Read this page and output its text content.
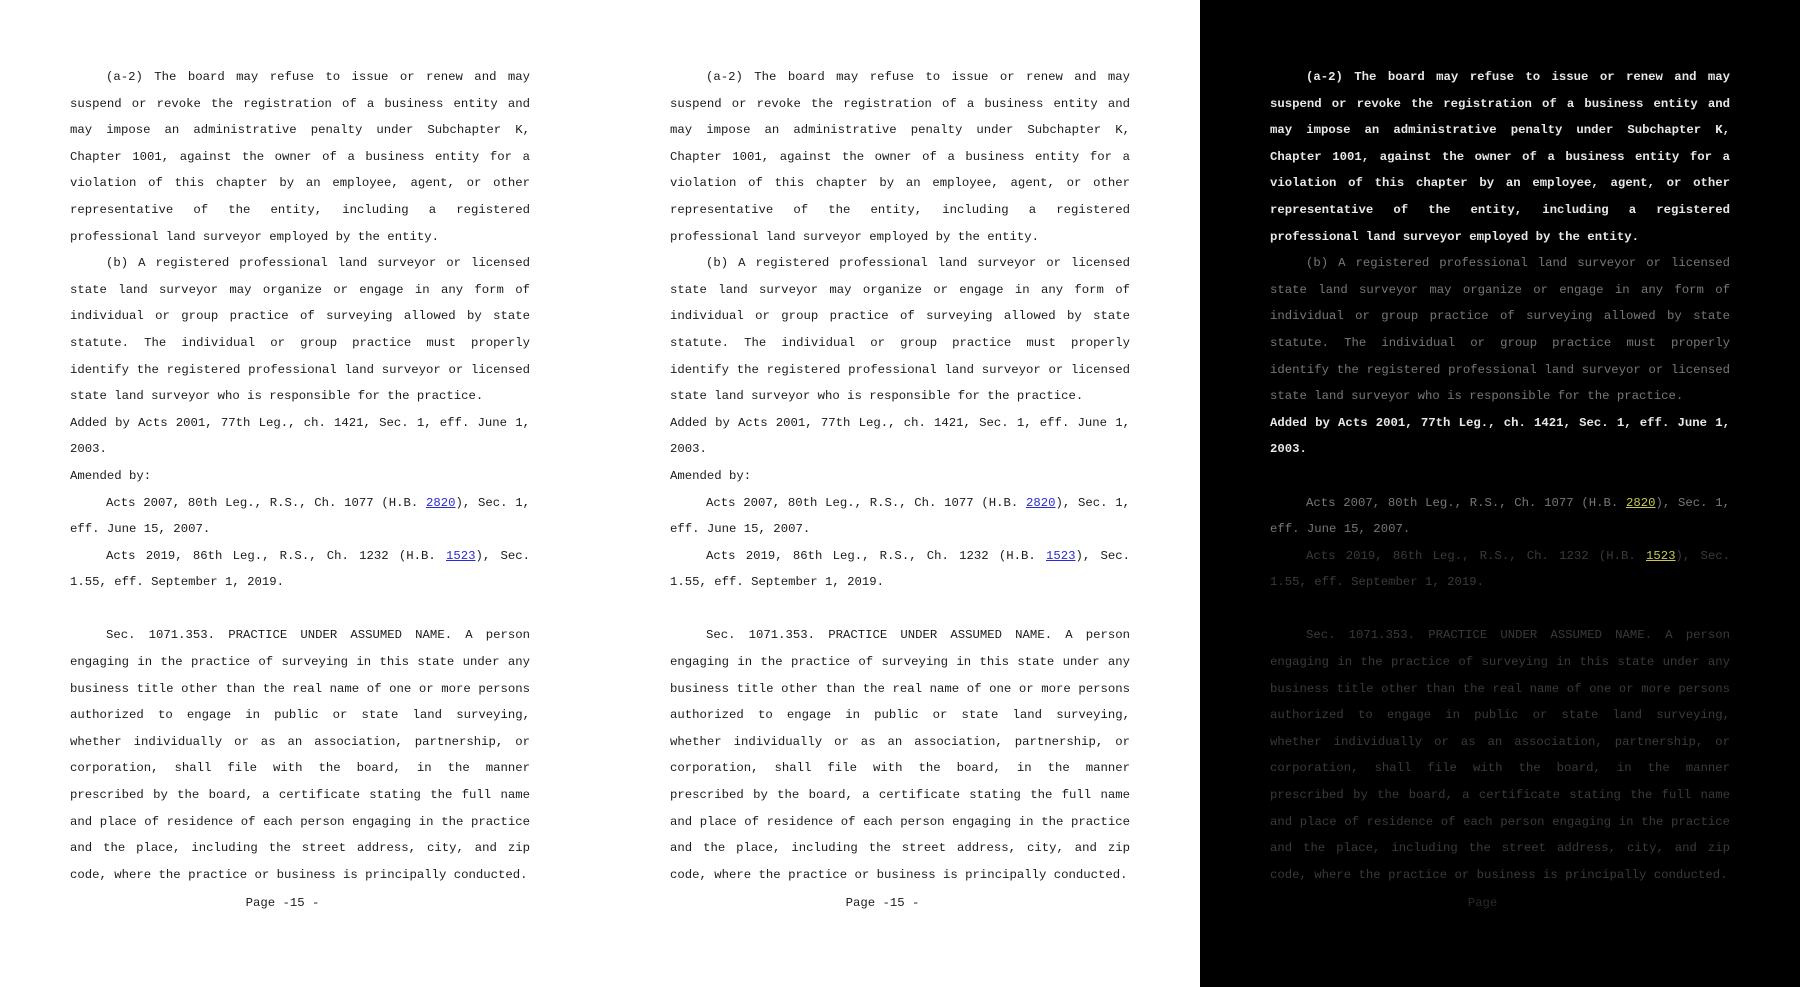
(a-2) The board may refuse to issue or renew and may suspend or revoke the registration of a business entity and may impose an administrative penalty under Subchapter K, Chapter 1001, against the owner of a business entity for a violation of this chapter by an employee, agent, or other representative of the entity, including a registered professional land surveyor employed by the entity.

(b) A registered professional land surveyor or licensed state land surveyor may organize or engage in any form of individual or group practice of surveying allowed by state statute. The individual or group practice must properly identify the registered professional land surveyor or licensed state land surveyor who is responsible for the practice.

Added by Acts 2001, 77th Leg., ch. 1421, Sec. 1, eff. June 1, 2003.

Amended by:

Acts 2007, 80th Leg., R.S., Ch. 1077 (H.B. 2820), Sec. 1, eff. June 15, 2007.

Acts 2019, 86th Leg., R.S., Ch. 1232 (H.B. 1523), Sec. 1.55, eff. September 1, 2019.

Sec. 1071.353. PRACTICE UNDER ASSUMED NAME. A person engaging in the practice of surveying in this state under any business title other than the real name of one or more persons authorized to engage in public or state land surveying, whether individually or as an association, partnership, or corporation, shall file with the board, in the manner prescribed by the board, a certificate stating the full name and place of residence of each person engaging in the practice and the place, including the street address, city, and zip code, where the practice or business is principally conducted.

Page -15 -

(a-2) The board may refuse to issue or renew and may suspend or revoke the registration of a business entity and may impose an administrative penalty under Subchapter K, Chapter 1001, against the owner of a business entity for a violation of this chapter by an employee, agent, or other representative of the entity, including a registered professional land surveyor employed by the entity.

(b) A registered professional land surveyor or licensed state land surveyor may organize or engage in any form of individual or group practice of surveying allowed by state statute. The individual or group practice must properly identify the registered professional land surveyor or licensed state land surveyor who is responsible for the practice.

Added by Acts 2001, 77th Leg., ch. 1421, Sec. 1, eff. June 1, 2003.

Amended by:

Acts 2007, 80th Leg., R.S., Ch. 1077 (H.B. 2820), Sec. 1, eff. June 15, 2007.

Acts 2019, 86th Leg., R.S., Ch. 1232 (H.B. 1523), Sec. 1.55, eff. September 1, 2019.

Sec. 1071.353. PRACTICE UNDER ASSUMED NAME. A person engaging in the practice of surveying in this state under any business title other than the real name of one or more persons authorized to engage in public or state land surveying, whether individually or as an association, partnership, or corporation, shall file with the board, in the manner prescribed by the board, a certificate stating the full name and place of residence of each person engaging in the practice and the place, including the street address, city, and zip code, where the practice or business is principally conducted.

Page -15 -

(a-2) The board may refuse to issue or renew and may suspend or revoke the registration of a business entity and may impose an administrative penalty under Subchapter K, Chapter 1001, against the owner of a business entity for a violation of this chapter by an employee, agent, or other representative of the entity, including a registered professional land surveyor employed by the entity.

(b) A registered professional land surveyor or licensed state land surveyor may organize or engage in any form of individual or group practice of surveying allowed by state statute. The individual or group practice must properly identify the registered professional land surveyor or licensed state land surveyor who is responsible for the practice.

Added by Acts 2001, 77th Leg., ch. 1421, Sec. 1, eff. June 1, 2003.

Acts 2007, 80th Leg., R.S., Ch. 1077 (H.B. 2820), Sec. 1, eff. June 15, 2007.

Acts 2019, 86th Leg., R.S., Ch. 1232 (H.B. 1523), Sec. 1.55, eff. September 1, 2019.

Sec. 1071.353. PRACTICE UNDER ASSUMED NAME. A person engaging in the practice of surveying in this state under any business title other than the real name of one or more persons authorized to engage in public or state land surveying, whether individually or as an association, partnership, or corporation, shall file with the board, in the manner prescribed by the board, a certificate stating the full name and place of residence of each person engaging in the practice and the place, including the street address, city, and zip code, where the practice or business is principally conducted.

Page
